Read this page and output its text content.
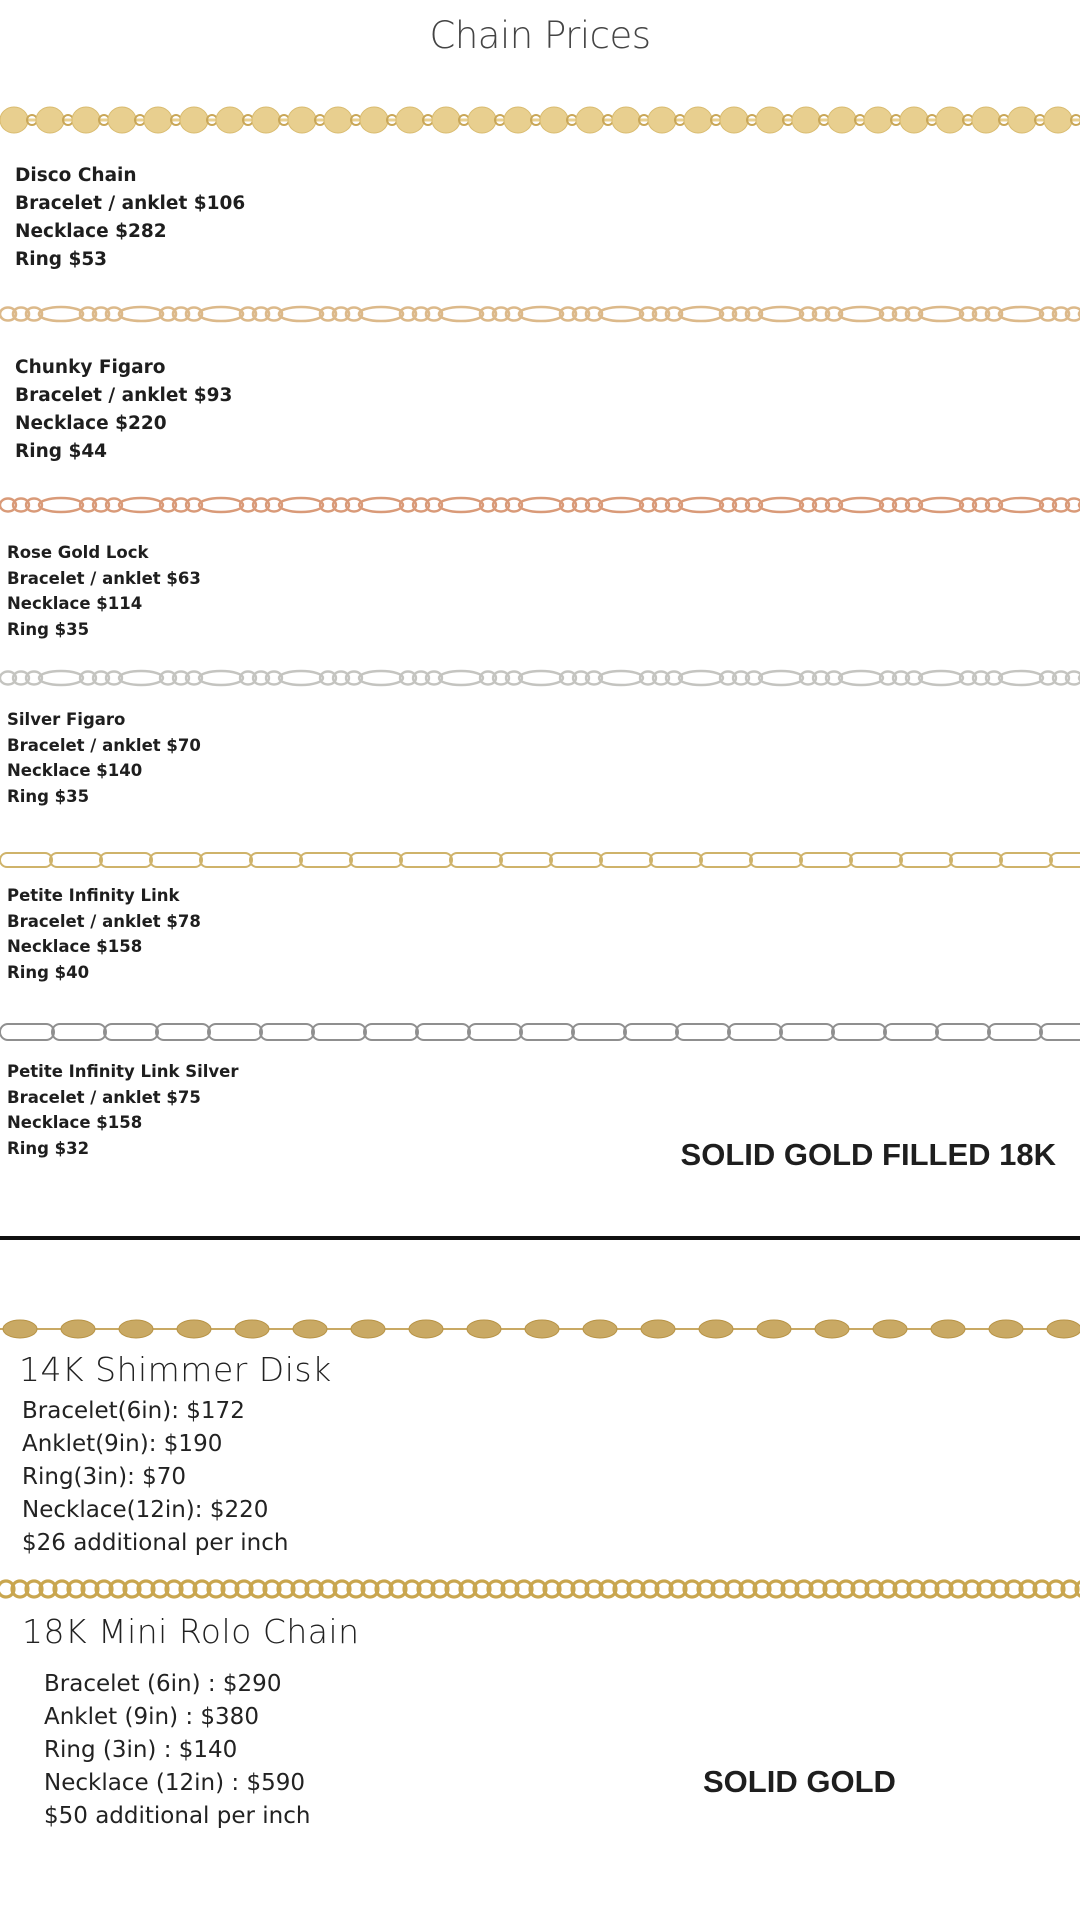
Chain Prices
Disco Chain
Bracelet / anklet $106
Necklace $282
Ring $53
Chunky Figaro
Bracelet / anklet $93
Necklace $220
Ring $44
Rose Gold Lock
Bracelet / anklet $63
Necklace $114
Ring $35
Silver Figaro
Bracelet / anklet $70
Necklace $140
Ring $35
Petite Infinity Link
Bracelet / anklet $78
Necklace $158
Ring $40
Petite Infinity Link Silver
Bracelet / anklet $75
Necklace $158
Ring $32	SOLID GOLD FILLED 18K
14K Shimmer Disk
Bracelet(6in): $172
Anklet(9in): $190
Ring(3in): $70
Necklace(12in): $220
$26 additional per inch
18K Mini Rolo Chain
Bracelet (6in) : $290
Anklet (9in) : $380
Ring (3in) : $140
Necklace (12in) : $590
$50 additional per inch
SOLID GOLD
